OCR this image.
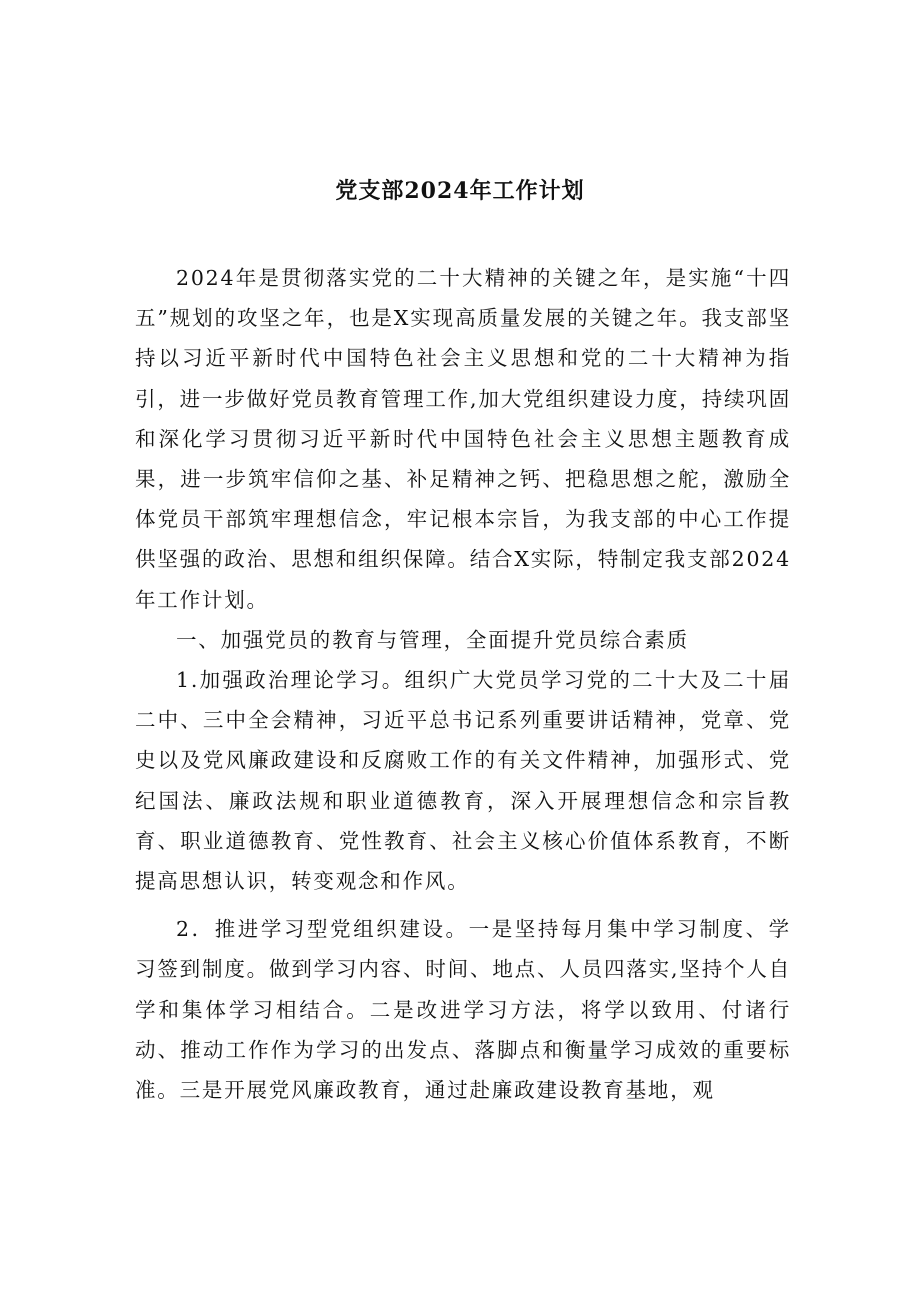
党支部2024年工作计划

2024年是贯彻落实党的二十大精神的关键之年，是实施“十四五”规划的攻坚之年，也是X实现高质量发展的关键之年。我支部坚持以习近平新时代中国特色社会主义思想和党的二十大精神为指引，进一步做好党员教育管理工作,加大党组织建设力度，持续巩固和深化学习贯彻习近平新时代中国特色社会主义思想主题教育成果，进一步筑牢信仰之基、补足精神之钙、把稳思想之舵，激励全体党员干部筑牢理想信念，牢记根本宗旨，为我支部的中心工作提供坚强的政治、思想和组织保障。结合X实际，特制定我支部2024年工作计划。

一、加强党员的教育与管理，全面提升党员综合素质

1.加强政治理论学习。组织广大党员学习党的二十大及二十届二中、三中全会精神，习近平总书记系列重要讲话精神，党章、党史以及党风廉政建设和反腐败工作的有关文件精神，加强形式、党纪国法、廉政法规和职业道德教育，深入开展理想信念和宗旨教育、职业道德教育、党性教育、社会主义核心价值体系教育，不断提高思想认识，转变观念和作风。

2．推进学习型党组织建设。一是坚持每月集中学习制度、学习签到制度。做到学习内容、时间、地点、人员四落实,坚持个人自学和集体学习相结合。二是改进学习方法，将学以致用、付诸行动、推动工作作为学习的出发点、落脚点和衡量学习成效的重要标准。三是开展党风廉政教育，通过赴廉政建设教育基地，观
